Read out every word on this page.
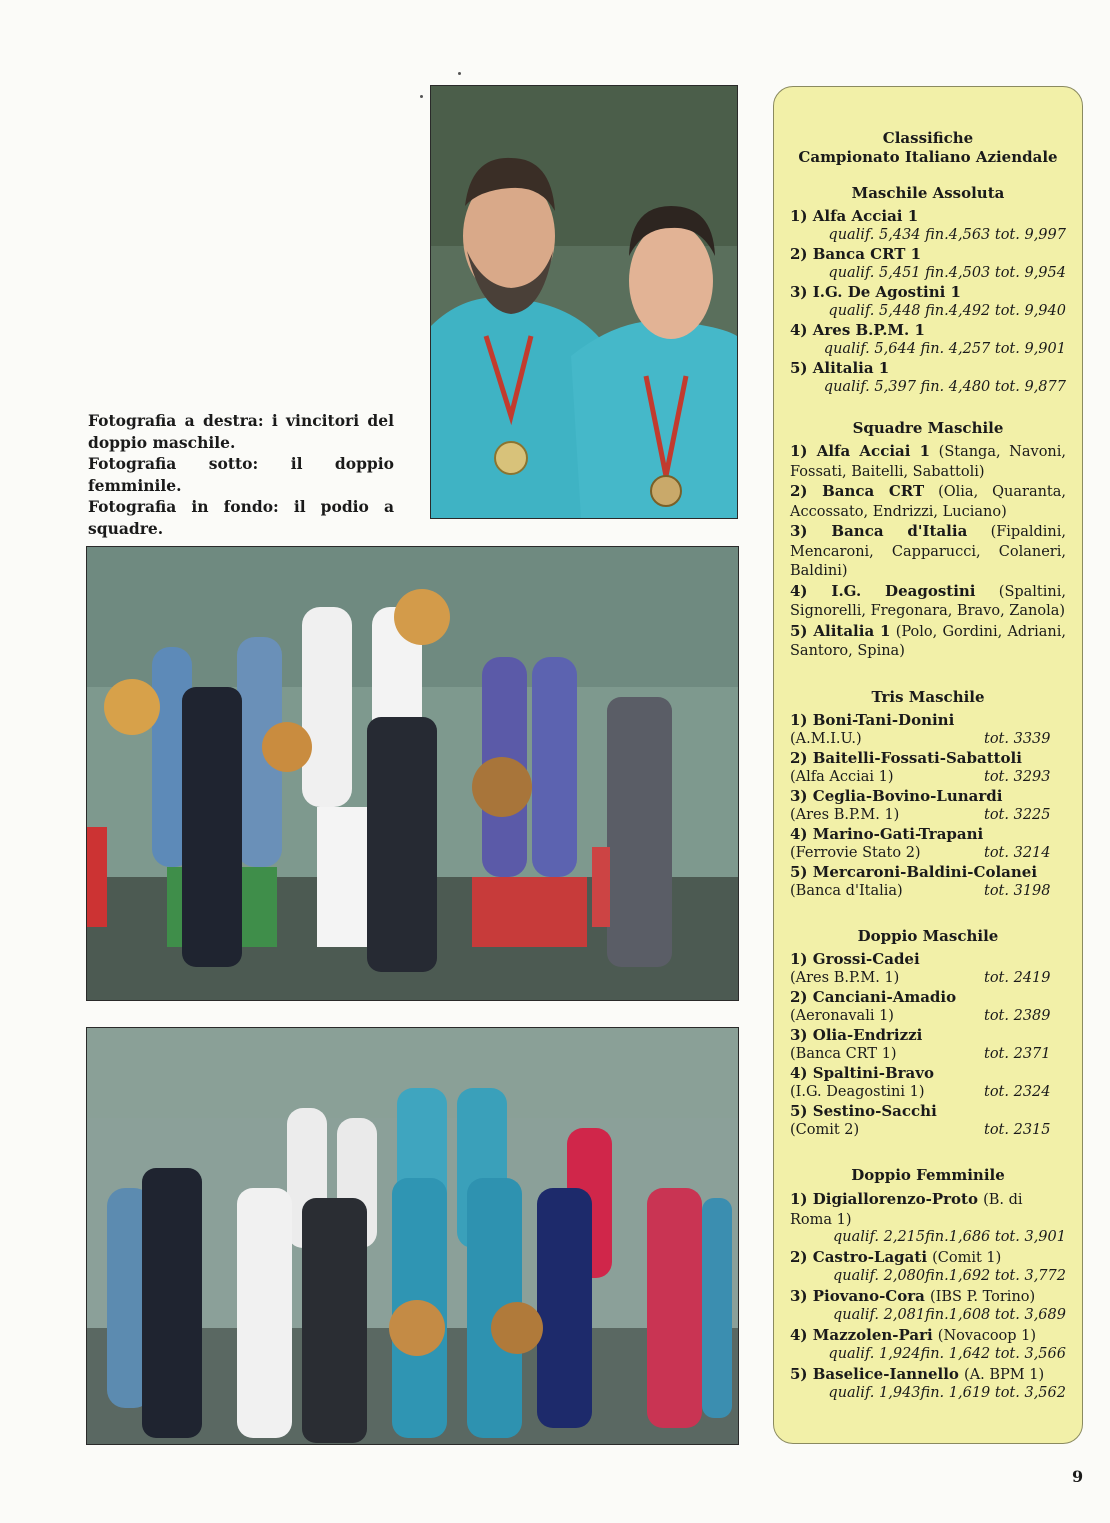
Fotografia a destra: i vincitori del doppio maschile.
Fotografia sotto: il doppio femminile.
Fotografia in fondo: il podio a squadre.
Classifiche
Campionato Italiano Aziendale
Maschile Assoluta
1) Alfa Acciai 1
qualif. 5,434 fin.4,563 tot. 9,997
2) Banca CRT 1
qualif. 5,451 fin.4,503 tot. 9,954
3) I.G. De Agostini 1
qualif. 5,448 fin.4,492 tot. 9,940
4) Ares B.P.M. 1
qualif. 5,644 fin. 4,257 tot. 9,901
5) Alitalia 1
qualif. 5,397 fin. 4,480 tot. 9,877
Squadre Maschile
1) Alfa Acciai 1 (Stanga, Navoni, Fossati, Baitelli, Sabattoli)
2) Banca CRT (Olia, Quaranta, Accossato, Endrizzi, Luciano)
3) Banca d'Italia (Fipaldini, Mencaroni, Capparucci, Colaneri, Baldini)
4) I.G. Deagostini (Spaltini, Signorelli, Fregonara, Bravo, Zanola)
5) Alitalia 1 (Polo, Gordini, Adriani, Santoro, Spina)
Tris Maschile
1) Boni-Tani-Donini
(A.M.I.U.)	tot. 3339
2) Baitelli-Fossati-Sabattoli
(Alfa Acciai 1)	tot. 3293
3) Ceglia-Bovino-Lunardi
(Ares B.P.M. 1)	tot. 3225
4) Marino-Gati-Trapani
(Ferrovie Stato 2)	tot. 3214
5) Mercaroni-Baldini-Colanei
(Banca d'Italia)	tot. 3198
Doppio Maschile
1) Grossi-Cadei
(Ares B.P.M. 1)	tot. 2419
2) Canciani-Amadio
(Aeronavali 1)	tot. 2389
3) Olia-Endrizzi
(Banca CRT 1)	tot. 2371
4) Spaltini-Bravo
(I.G. Deagostini 1)	tot. 2324
5) Sestino-Sacchi
(Comit 2)	tot. 2315
Doppio Femminile
1) Digiallorenzo-Proto (B. di Roma 1)
qualif. 2,215fin.1,686 tot. 3,901
2) Castro-Lagati (Comit 1)
qualif. 2,080fin.1,692 tot. 3,772
3) Piovano-Cora (IBS P. Torino)
qualif. 2,081fin.1,608 tot. 3,689
4) Mazzolen-Pari (Novacoop 1)
qualif. 1,924fin. 1,642 tot. 3,566
5) Baselice-Iannello (A. BPM 1)
qualif. 1,943fin. 1,619 tot. 3,562
9
